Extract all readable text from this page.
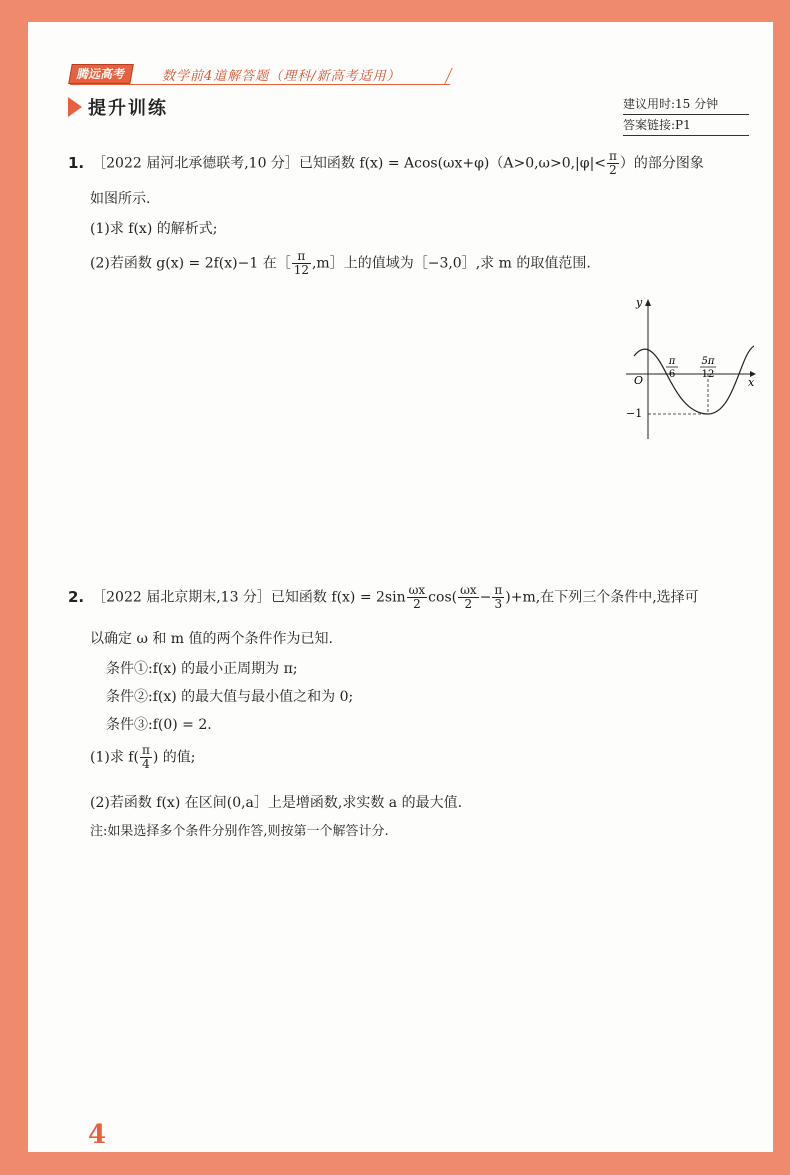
腾远高考	数学前4道解答题（理科/新高考适用）
提升训练	建议用时:15 分钟
答案链接:P1
1. ［2022 届河北承德联考,10 分］已知函数 $f(x) = Acos(\omega x+\varphi)(A>0,\omega>0,|\varphi|< \frac{\pi}{2}$ ）的部分图象
如图所示.
(1)求 f(x) 的解析式;
(2)若函数 g(x) = 2f(x)−1 在［ $\frac{\pi}{12}$ ,m］上的值域为［−3,0］,求 m 的取值范围.
y
x
O
−1
π
6
5π
12
2. ［2022 届北京期末,13 分］已知函数 $f(x) = 2\sin \frac{\omega x}{2} \cos( \frac{\omega x}{2} - \frac{\pi}{3} )+m$,在下列三个条件中,选择可
以确定 ω 和 m 值的两个条件作为已知.
条件①:f(x) 的最小正周期为 π;
条件②:f(x) 的最大值与最小值之和为 0;
条件③:f(0) = 2.
(1)求 $f( \frac{\pi}{4}$ ) 的值;
(2)若函数 f(x) 在区间(0,a］上是增函数,求实数 a 的最大值.
注:如果选择多个条件分别作答,则按第一个解答计分.
4
